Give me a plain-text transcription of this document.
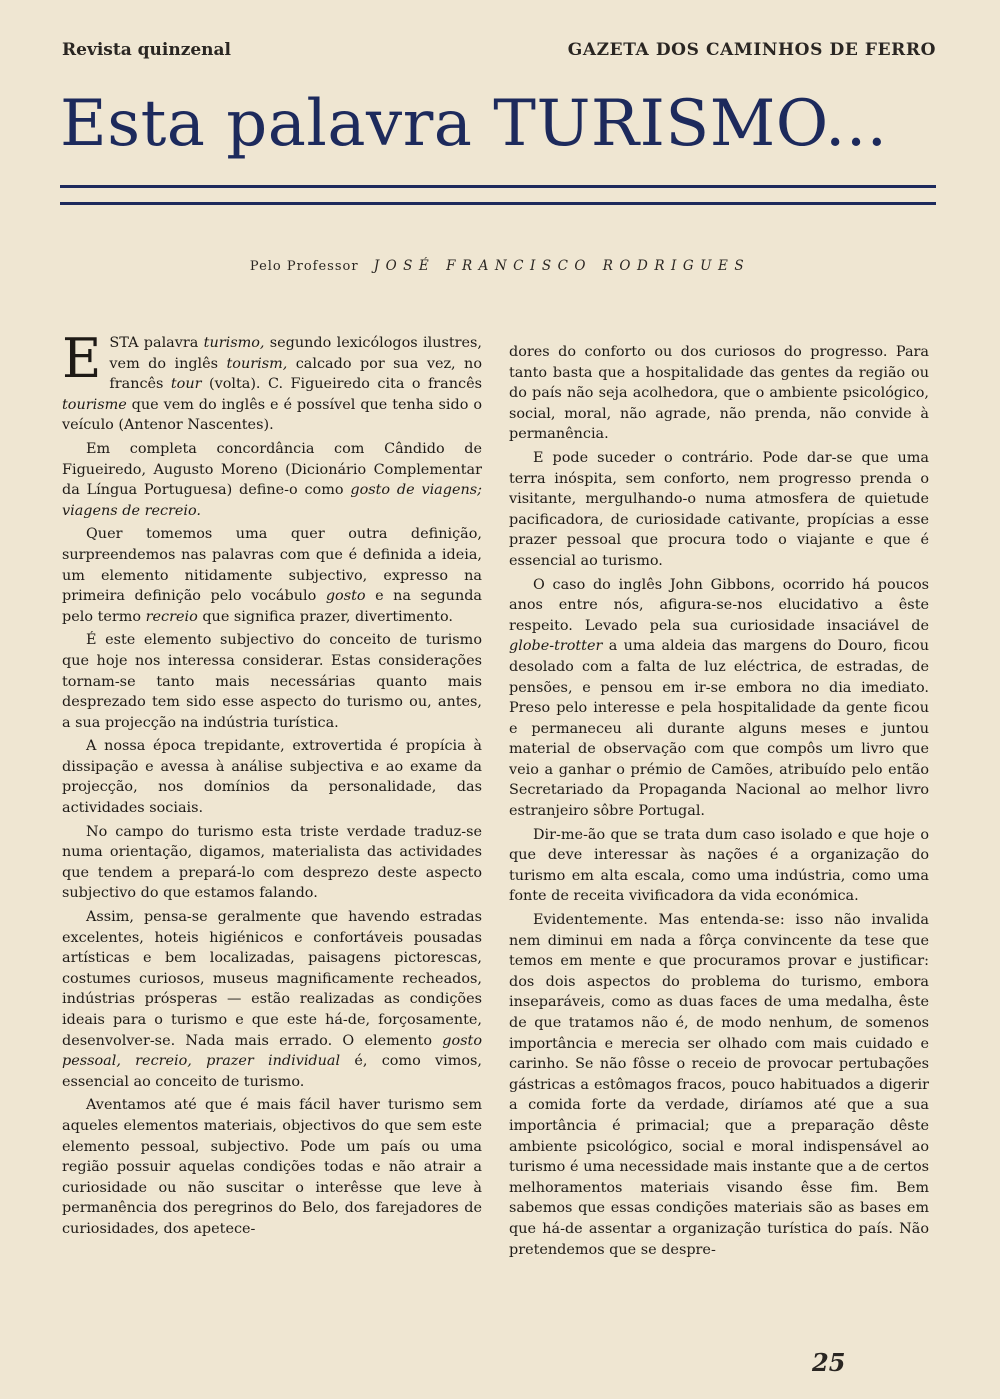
Revista quinzenal	GAZETA DOS CAMINHOS DE FERRO
Esta palavra TURISMO...
Pelo Professor JOSÉ FRANCISCO RODRIGUES

ESTA palavra turismo, segundo lexicólogos ilustres, vem do inglês tourism, calcado por sua vez, no francês tour (volta). C. Figueiredo cita o francês tourisme que vem do inglês e é possível que tenha sido o veículo (Antenor Nascentes).

Em completa concordância com Cândido de Figueiredo, Augusto Moreno (Dicionário Complementar da Língua Portuguesa) define-o como gosto de viagens; viagens de recreio.

Quer tomemos uma quer outra definição, surpreendemos nas palavras com que é definida a ideia, um elemento nitidamente subjectivo, expresso na primeira definição pelo vocábulo gosto e na segunda pelo termo recreio que significa prazer, divertimento.

É este elemento subjectivo do conceito de turismo que hoje nos interessa considerar. Estas considerações tornam-se tanto mais necessárias quanto mais desprezado tem sido esse aspecto do turismo ou, antes, a sua projecção na indústria turística.

A nossa época trepidante, extrovertida é propícia à dissipação e avessa à análise subjectiva e ao exame da projecção, nos domínios da personalidade, das actividades sociais.

No campo do turismo esta triste verdade traduz-se numa orientação, digamos, materialista das actividades que tendem a prepará-lo com desprezo deste aspecto subjectivo do que estamos falando.

Assim, pensa-se geralmente que havendo estradas excelentes, hoteis higiénicos e confortáveis pousadas artísticas e bem localizadas, paisagens pictorescas, costumes curiosos, museus magnificamente recheados, indústrias prósperas — estão realizadas as condições ideais para o turismo e que este há-de, forçosamente, desenvolver-se. Nada mais errado. O elemento gosto pessoal, recreio, prazer individual é, como vimos, essencial ao conceito de turismo.

Aventamos até que é mais fácil haver turismo sem aqueles elementos materiais, objectivos do que sem este elemento pessoal, subjectivo. Pode um país ou uma região possuir aquelas condições todas e não atrair a curiosidade ou não suscitar o interêsse que leve à permanência dos peregrinos do Belo, dos farejadores de curiosidades, dos apetece-

dores do conforto ou dos curiosos do progresso. Para tanto basta que a hospitalidade das gentes da região ou do país não seja acolhedora, que o ambiente psicológico, social, moral, não agrade, não prenda, não convide à permanência.

E pode suceder o contrário. Pode dar-se que uma terra inóspita, sem conforto, nem progresso prenda o visitante, mergulhando-o numa atmosfera de quietude pacificadora, de curiosidade cativante, propícias a esse prazer pessoal que procura todo o viajante e que é essencial ao turismo.

O caso do inglês John Gibbons, ocorrido há poucos anos entre nós, afigura-se-nos elucidativo a êste respeito. Levado pela sua curiosidade insaciável de globe-trotter a uma aldeia das margens do Douro, ficou desolado com a falta de luz eléctrica, de estradas, de pensões, e pensou em ir-se embora no dia imediato. Preso pelo interesse e pela hospitalidade da gente ficou e permaneceu ali durante alguns meses e juntou material de observação com que compôs um livro que veio a ganhar o prémio de Camões, atribuído pelo então Secretariado da Propaganda Nacional ao melhor livro estranjeiro sôbre Portugal.

Dir-me-ão que se trata dum caso isolado e que hoje o que deve interessar às nações é a organização do turismo em alta escala, como uma indústria, como uma fonte de receita vivificadora da vida económica.

Evidentemente. Mas entenda-se: isso não invalida nem diminui em nada a fôrça convincente da tese que temos em mente e que procuramos provar e justificar: dos dois aspectos do problema do turismo, embora inseparáveis, como as duas faces de uma medalha, êste de que tratamos não é, de modo nenhum, de somenos importância e merecia ser olhado com mais cuidado e carinho. Se não fôsse o receio de provocar pertubações gástricas a estômagos fracos, pouco habituados a digerir a comida forte da verdade, diríamos até que a sua importância é primacial; que a preparação dêste ambiente psicológico, social e moral indispensável ao turismo é uma necessidade mais instante que a de certos melhoramentos materiais visando êsse fim. Bem sabemos que essas condições materiais são as bases em que há-de assentar a organização turística do país. Não pretendemos que se despre-

25
